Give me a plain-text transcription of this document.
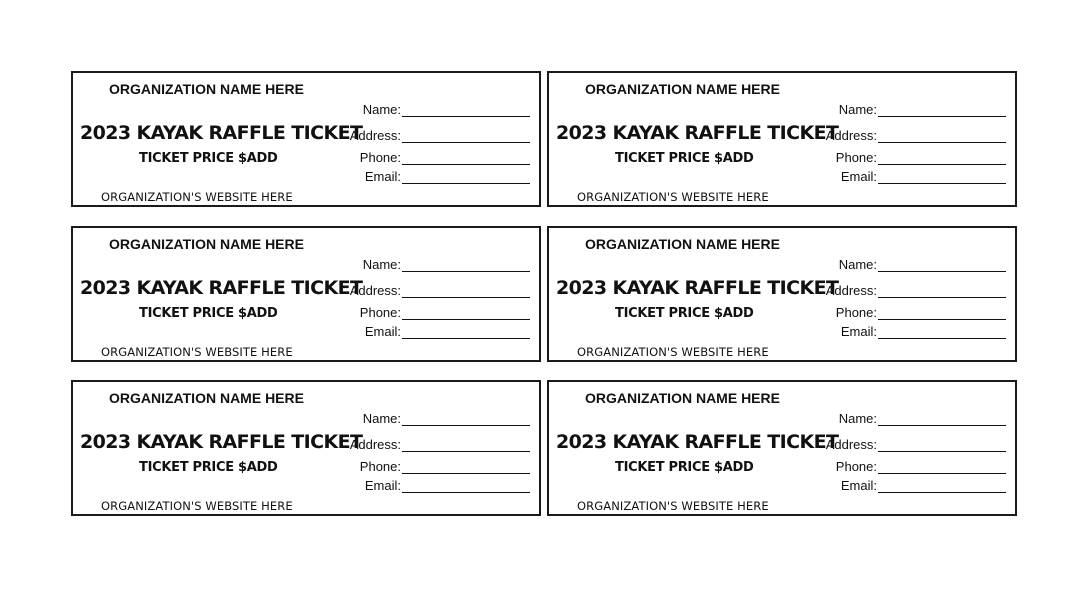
ORGANIZATION NAME HERE
2023 KAYAK RAFFLE TICKET
TICKET PRICE $ADD
ORGANIZATION'S WEBSITE HERE
Name:
Address:
Phone:
Email:
ORGANIZATION NAME HERE
2023 KAYAK RAFFLE TICKET
TICKET PRICE $ADD
ORGANIZATION'S WEBSITE HERE
Name:
Address:
Phone:
Email:
ORGANIZATION NAME HERE
2023 KAYAK RAFFLE TICKET
TICKET PRICE $ADD
ORGANIZATION'S WEBSITE HERE
Name:
Address:
Phone:
Email:
ORGANIZATION NAME HERE
2023 KAYAK RAFFLE TICKET
TICKET PRICE $ADD
ORGANIZATION'S WEBSITE HERE
Name:
Address:
Phone:
Email:
ORGANIZATION NAME HERE
2023 KAYAK RAFFLE TICKET
TICKET PRICE $ADD
ORGANIZATION'S WEBSITE HERE
Name:
Address:
Phone:
Email:
ORGANIZATION NAME HERE
2023 KAYAK RAFFLE TICKET
TICKET PRICE $ADD
ORGANIZATION'S WEBSITE HERE
Name:
Address:
Phone:
Email:
